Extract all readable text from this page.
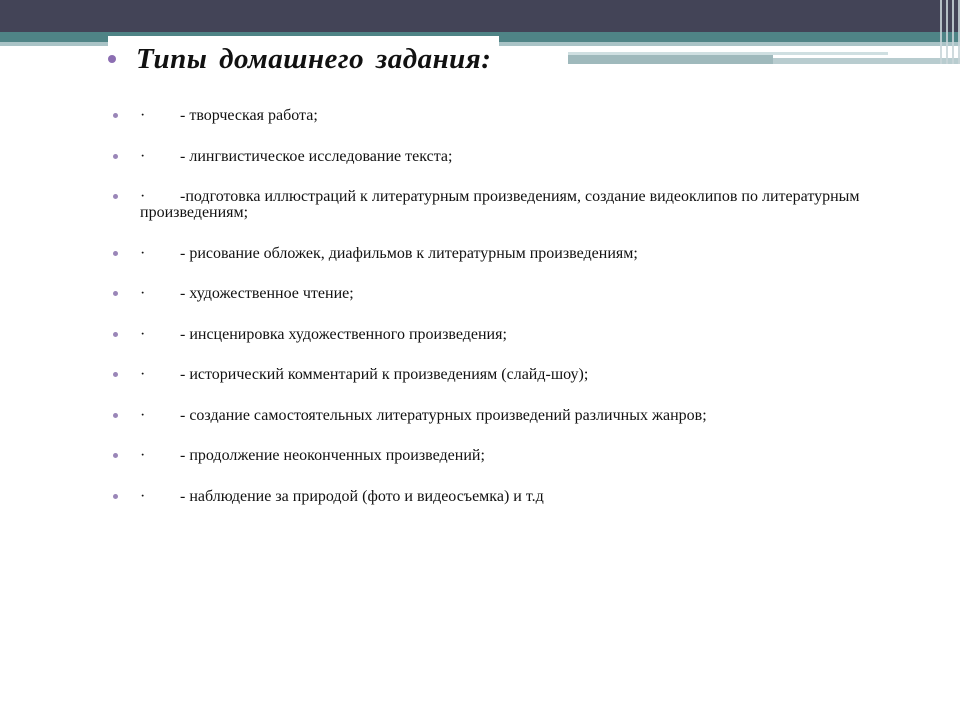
Типы домашнего задания:
· - творческая работа;
· - лингвистическое исследование текста;
· -подготовка иллюстраций к литературным произведениям, создание видеоклипов по литературным произведениям;
· - рисование обложек, диафильмов к литературным произведениям;
· - художественное чтение;
· - инсценировка художественного произведения;
· - исторический комментарий к произведениям (слайд-шоу);
· - создание самостоятельных литературных произведений различных жанров;
· - продолжение неоконченных произведений;
· - наблюдение за природой (фото и видеосъемка) и т.д
